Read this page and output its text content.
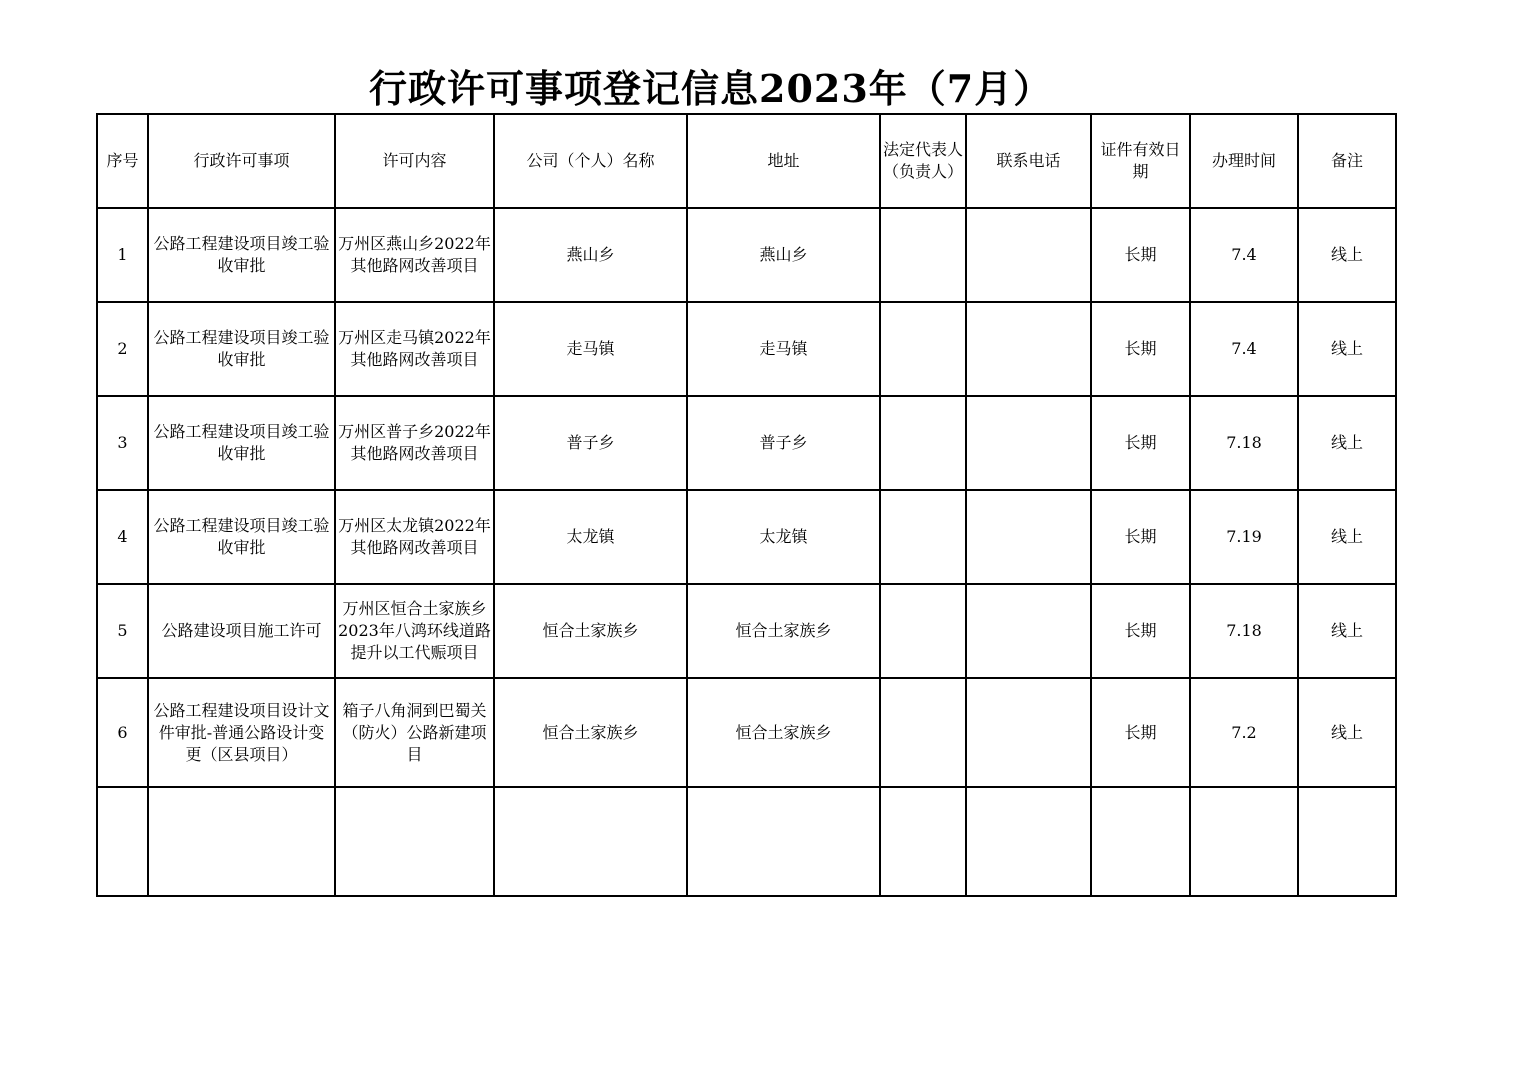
行政许可事项登记信息2023年（7月）
序号	行政许可事项	许可内容	公司（个人）名称	地址	法定代表人（负责人）	联系电话	证件有效日期	办理时间	备注
1	公路工程建设项目竣工验收审批	万州区燕山乡2022年其他路网改善项目	燕山乡	燕山乡			长期	7.4	线上
2	公路工程建设项目竣工验收审批	万州区走马镇2022年其他路网改善项目	走马镇	走马镇			长期	7.4	线上
3	公路工程建设项目竣工验收审批	万州区普子乡2022年其他路网改善项目	普子乡	普子乡			长期	7.18	线上
4	公路工程建设项目竣工验收审批	万州区太龙镇2022年其他路网改善项目	太龙镇	太龙镇			长期	7.19	线上
5	公路建设项目施工许可	万州区恒合土家族乡2023年八鸿环线道路提升以工代赈项目	恒合土家族乡	恒合土家族乡			长期	7.18	线上
6	公路工程建设项目设计文件审批-普通公路设计变更（区县项目）	箱子八角洞到巴蜀关（防火）公路新建项目	恒合土家族乡	恒合土家族乡			长期	7.2	线上
